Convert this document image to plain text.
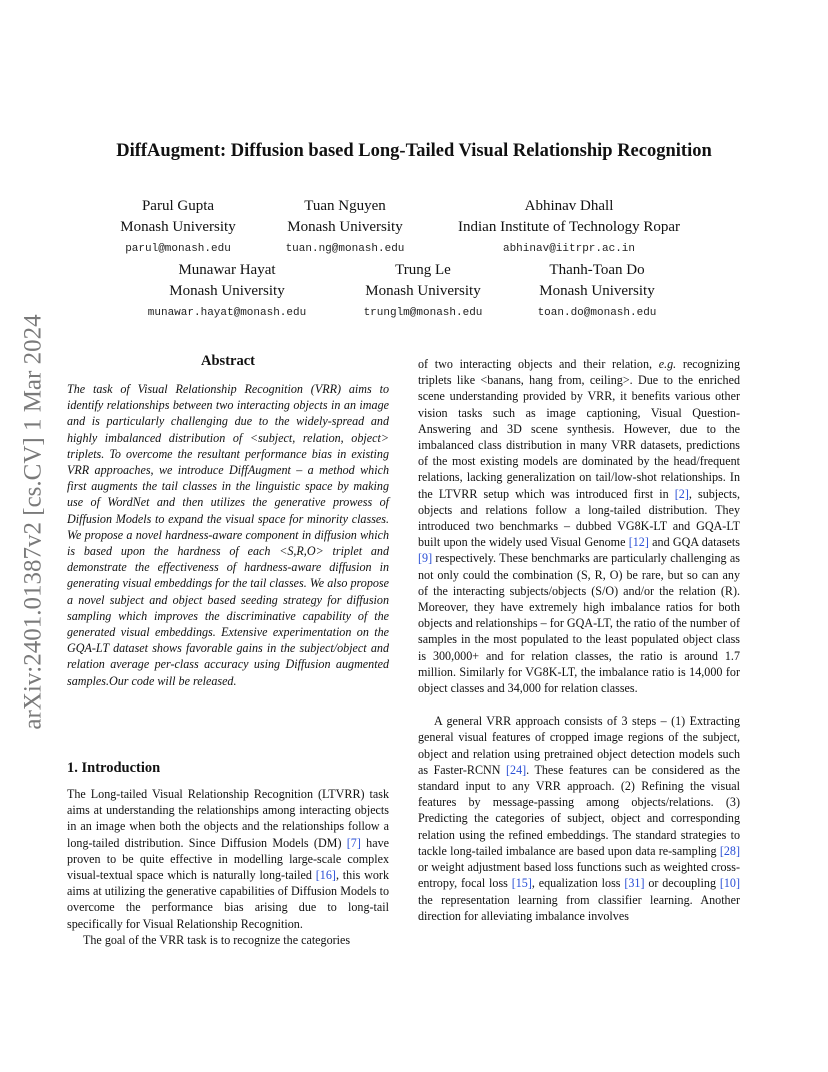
arXiv:2401.01387v2 [cs.CV] 1 Mar 2024
DiffAugment: Diffusion based Long-Tailed Visual Relationship Recognition
Parul Gupta
Monash University
parul@monash.edu
Tuan Nguyen
Monash University
tuan.ng@monash.edu
Abhinav Dhall
Indian Institute of Technology Ropar
abhinav@iitrpr.ac.in
Munawar Hayat
Monash University
munawar.hayat@monash.edu
Trung Le
Monash University
trunglm@monash.edu
Thanh-Toan Do
Monash University
toan.do@monash.edu
Abstract

The task of Visual Relationship Recognition (VRR) aims to identify relationships between two interacting objects in an image and is particularly challenging due to the widely-spread and highly imbalanced distribution of <subject, relation, object> triplets. To overcome the resultant performance bias in existing VRR approaches, we introduce DiffAugment – a method which first augments the tail classes in the linguistic space by making use of WordNet and then utilizes the generative prowess of Diffusion Models to expand the visual space for minority classes. We propose a novel hardness-aware component in diffusion which is based upon the hardness of each <S,R,O> triplet and demonstrate the effectiveness of hardness-aware diffusion in generating visual embeddings for the tail classes. We also propose a novel subject and object based seeding strategy for diffusion sampling which improves the discriminative capability of the generated visual embeddings. Extensive experimentation on the GQA-LT dataset shows favorable gains in the subject/object and relation average per-class accuracy using Diffusion augmented samples.Our code will be released.

1. Introduction

The Long-tailed Visual Relationship Recognition (LTVRR) task aims at understanding the relationships among interacting objects in an image when both the objects and the relationships follow a long-tailed distribution. Since Diffusion Models (DM) [7] have proven to be quite effective in modelling large-scale complex visual-textual space which is naturally long-tailed [16], this work aims at utilizing the generative capabilities of Diffusion Models to overcome the performance bias arising due to long-tail specifically for Visual Relationship Recognition.

The goal of the VRR task is to recognize the categories

of two interacting objects and their relation, e.g. recognizing triplets like <banans, hang from, ceiling>. Due to the enriched scene understanding provided by VRR, it benefits various other vision tasks such as image captioning, Visual Question-Answering and 3D scene synthesis. However, due to the imbalanced class distribution in many VRR datasets, predictions of the most existing models are dominated by the head/frequent relations, lacking generalization on tail/low-shot relationships. In the LTVRR setup which was introduced first in [2], subjects, objects and relations follow a long-tailed distribution. They introduced two benchmarks – dubbed VG8K-LT and GQA-LT built upon the widely used Visual Genome [12] and GQA datasets [9] respectively. These benchmarks are particularly challenging as not only could the combination (S, R, O) be rare, but so can any of the interacting subjects/objects (S/O) and/or the relation (R). Moreover, they have extremely high imbalance ratios for both objects and relationships – for GQA-LT, the ratio of the number of samples in the most populated to the least populated object class is 300,000+ and for relation classes, the ratio is around 1.7 million. Similarly for VG8K-LT, the imbalance ratio is 14,000 for object classes and 34,000 for relation classes.

A general VRR approach consists of 3 steps – (1) Extracting general visual features of cropped image regions of the subject, object and relation using pretrained object detection models such as Faster-RCNN [24]. These features can be considered as the standard input to any VRR approach. (2) Refining the visual features by message-passing among objects/relations. (3) Predicting the categories of subject, object and corresponding relation using the refined embeddings. The standard strategies to tackle long-tailed imbalance are based upon data re-sampling [28] or weight adjustment based loss functions such as weighted cross-entropy, focal loss [15], equalization loss [31] or decoupling [10] the representation learning from classifier learning. Another direction for alleviating imbalance involves
